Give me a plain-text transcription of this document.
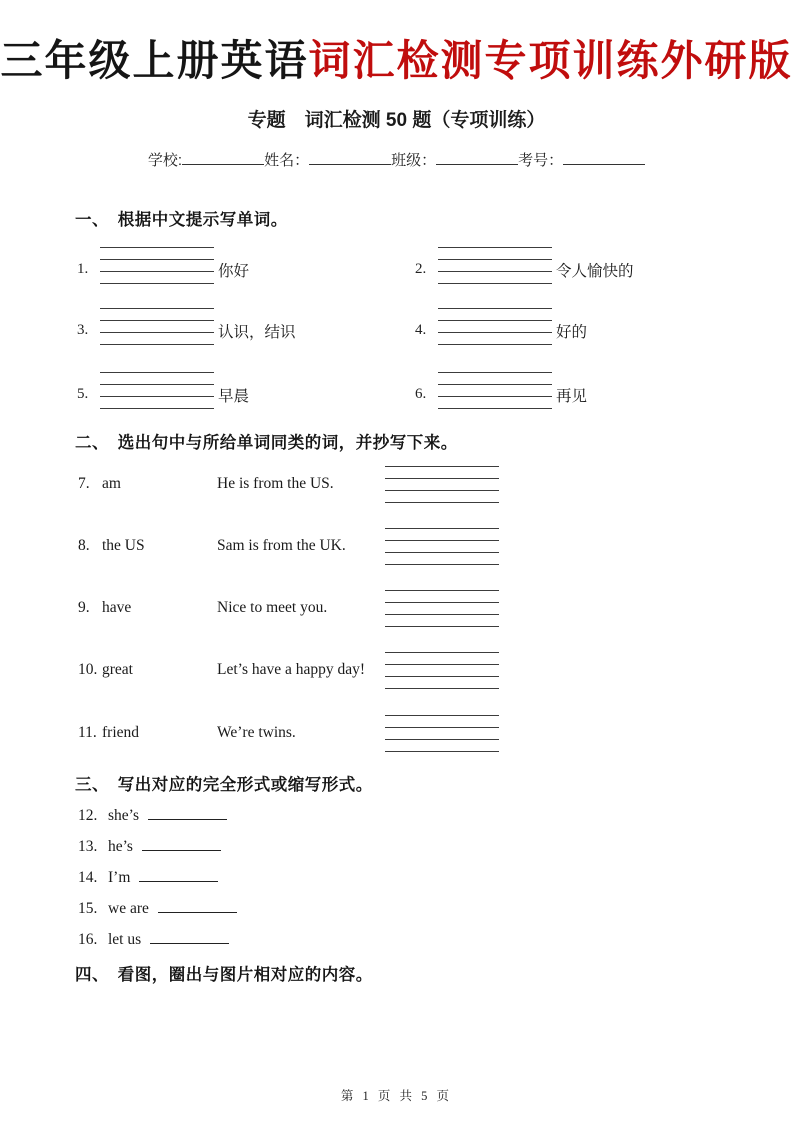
三年级上册英语词汇检测专项训练外研版
专题　词汇检测 50 题（专项训练）
学校:	姓名：	班级：	考号：
一、　根据中文提示写单词。
1.	你好	2.	令人愉快的
3.	认识，结识	4.	好的
5.	早晨	6.	再见
二、　选出句中与所给单词同类的词，并抄写下来。
7. am	He is from the US.
8. the US	Sam is from the UK.
9. have	Nice to meet you.
10. great	Let’s have a happy day!
11. friend	We’re twins.
三、　写出对应的完全形式或缩写形式。
12. she’s
13. he’s
14. I’m
15. we are
16. let us
四、　看图，圈出与图片相对应的内容。
第 1 页 共 5 页
